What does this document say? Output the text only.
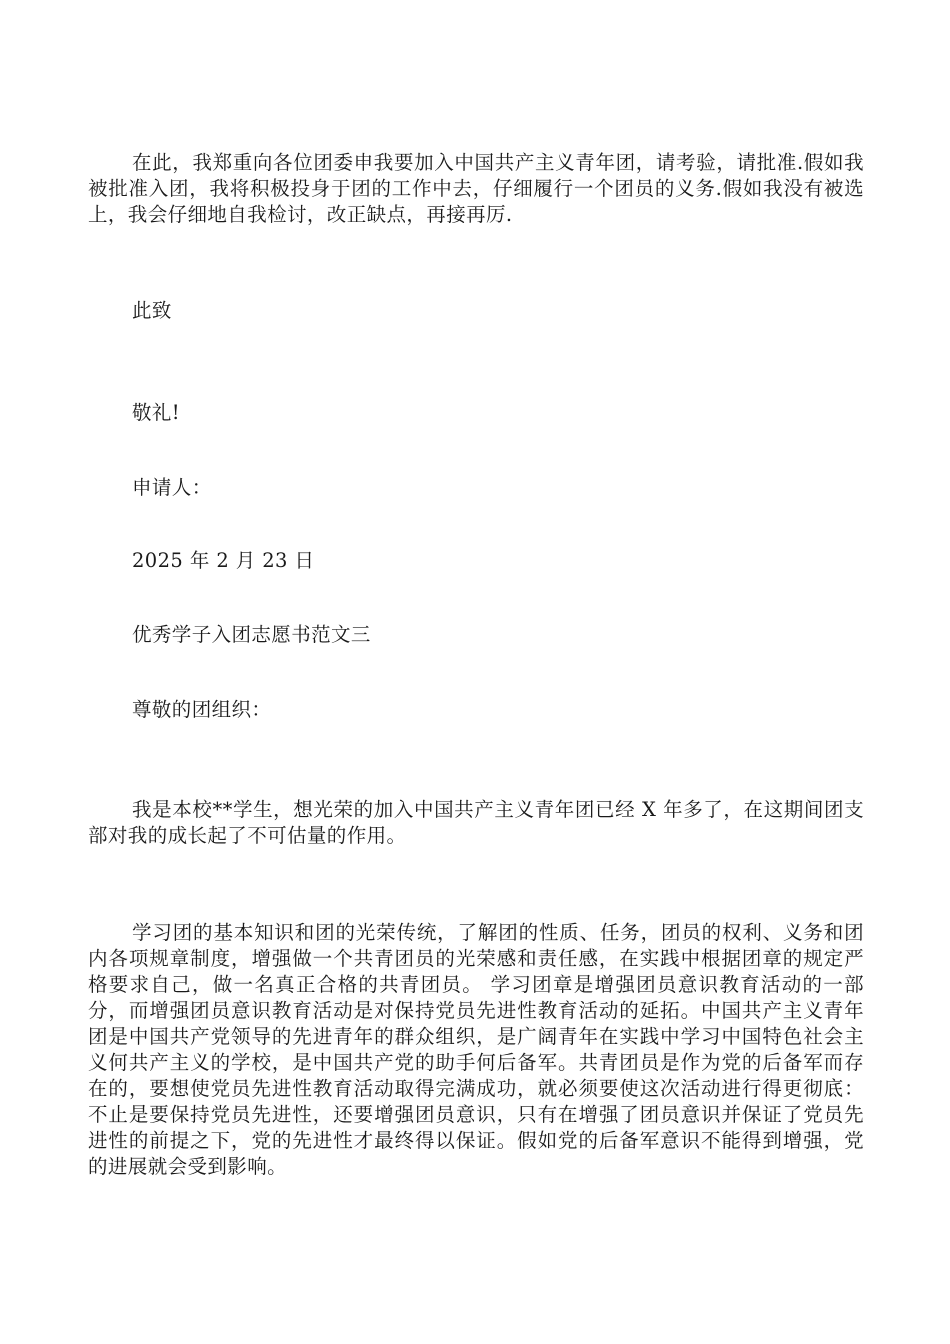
在此，我郑重向各位团委申我要加入中国共产主义青年团，请考验，请批准.假如我被批准入团，我将积极投身于团的工作中去，仔细履行一个团员的义务.假如我没有被选上，我会仔细地自我检讨，改正缺点，再接再厉.

此致

敬礼!

申请人：

2025 年 2 月 23 日

优秀学子入团志愿书范文三

尊敬的团组织：

我是本校**学生，想光荣的加入中国共产主义青年团已经 X 年多了，在这期间团支部对我的成长起了不可估量的作用。

学习团的基本知识和团的光荣传统，了解团的性质、任务，团员的权利、义务和团内各项规章制度，增强做一个共青团员的光荣感和责任感，在实践中根据团章的规定严格要求自己，做一名真正合格的共青团员。 学习团章是增强团员意识教育活动的一部分，而增强团员意识教育活动是对保持党员先进性教育活动的延拓。中国共产主义青年团是中国共产党领导的先进青年的群众组织，是广阔青年在实践中学习中国特色社会主义何共产主义的学校，是中国共产党的助手何后备军。共青团员是作为党的后备军而存在的，要想使党员先进性教育活动取得完满成功，就必须要使这次活动进行得更彻底：不止是要保持党员先进性，还要增强团员意识，只有在增强了团员意识并保证了党员先进性的前提之下，党的先进性才最终得以保证。假如党的后备军意识不能得到增强，党的进展就会受到影响。
